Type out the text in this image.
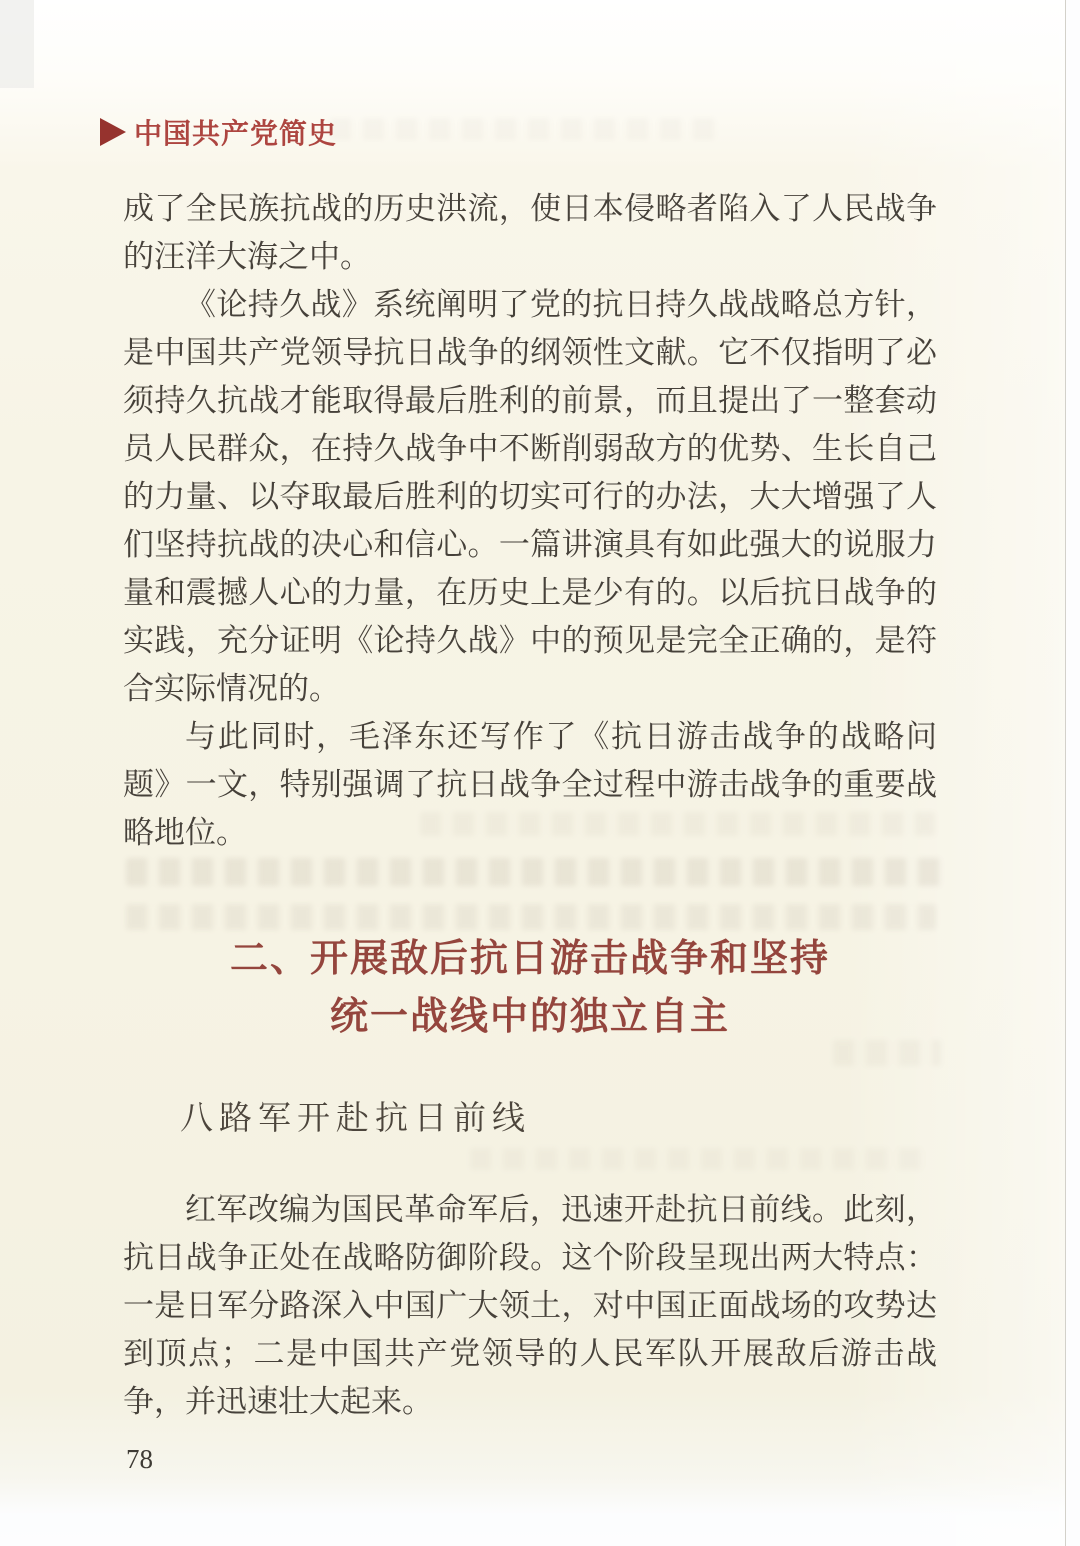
中国共产党简史

成了全民族抗战的历史洪流，使日本侵略者陷入了人民战争的汪洋大海之中。

《论持久战》系统阐明了党的抗日持久战战略总方针，是中国共产党领导抗日战争的纲领性文献。它不仅指明了必须持久抗战才能取得最后胜利的前景，而且提出了一整套动员人民群众，在持久战争中不断削弱敌方的优势、生长自己的力量、以夺取最后胜利的切实可行的办法，大大增强了人们坚持抗战的决心和信心。一篇讲演具有如此强大的说服力量和震撼人心的力量，在历史上是少有的。以后抗日战争的实践，充分证明《论持久战》中的预见是完全正确的，是符合实际情况的。

与此同时，毛泽东还写作了《抗日游击战争的战略问题》一文，特别强调了抗日战争全过程中游击战争的重要战略地位。

二、开展敌后抗日游击战争和坚持
统一战线中的独立自主
八路军开赴抗日前线

红军改编为国民革命军后，迅速开赴抗日前线。此刻，抗日战争正处在战略防御阶段。这个阶段呈现出两大特点：一是日军分路深入中国广大领土，对中国正面战场的攻势达到顶点；二是中国共产党领导的人民军队开展敌后游击战争，并迅速壮大起来。

78
